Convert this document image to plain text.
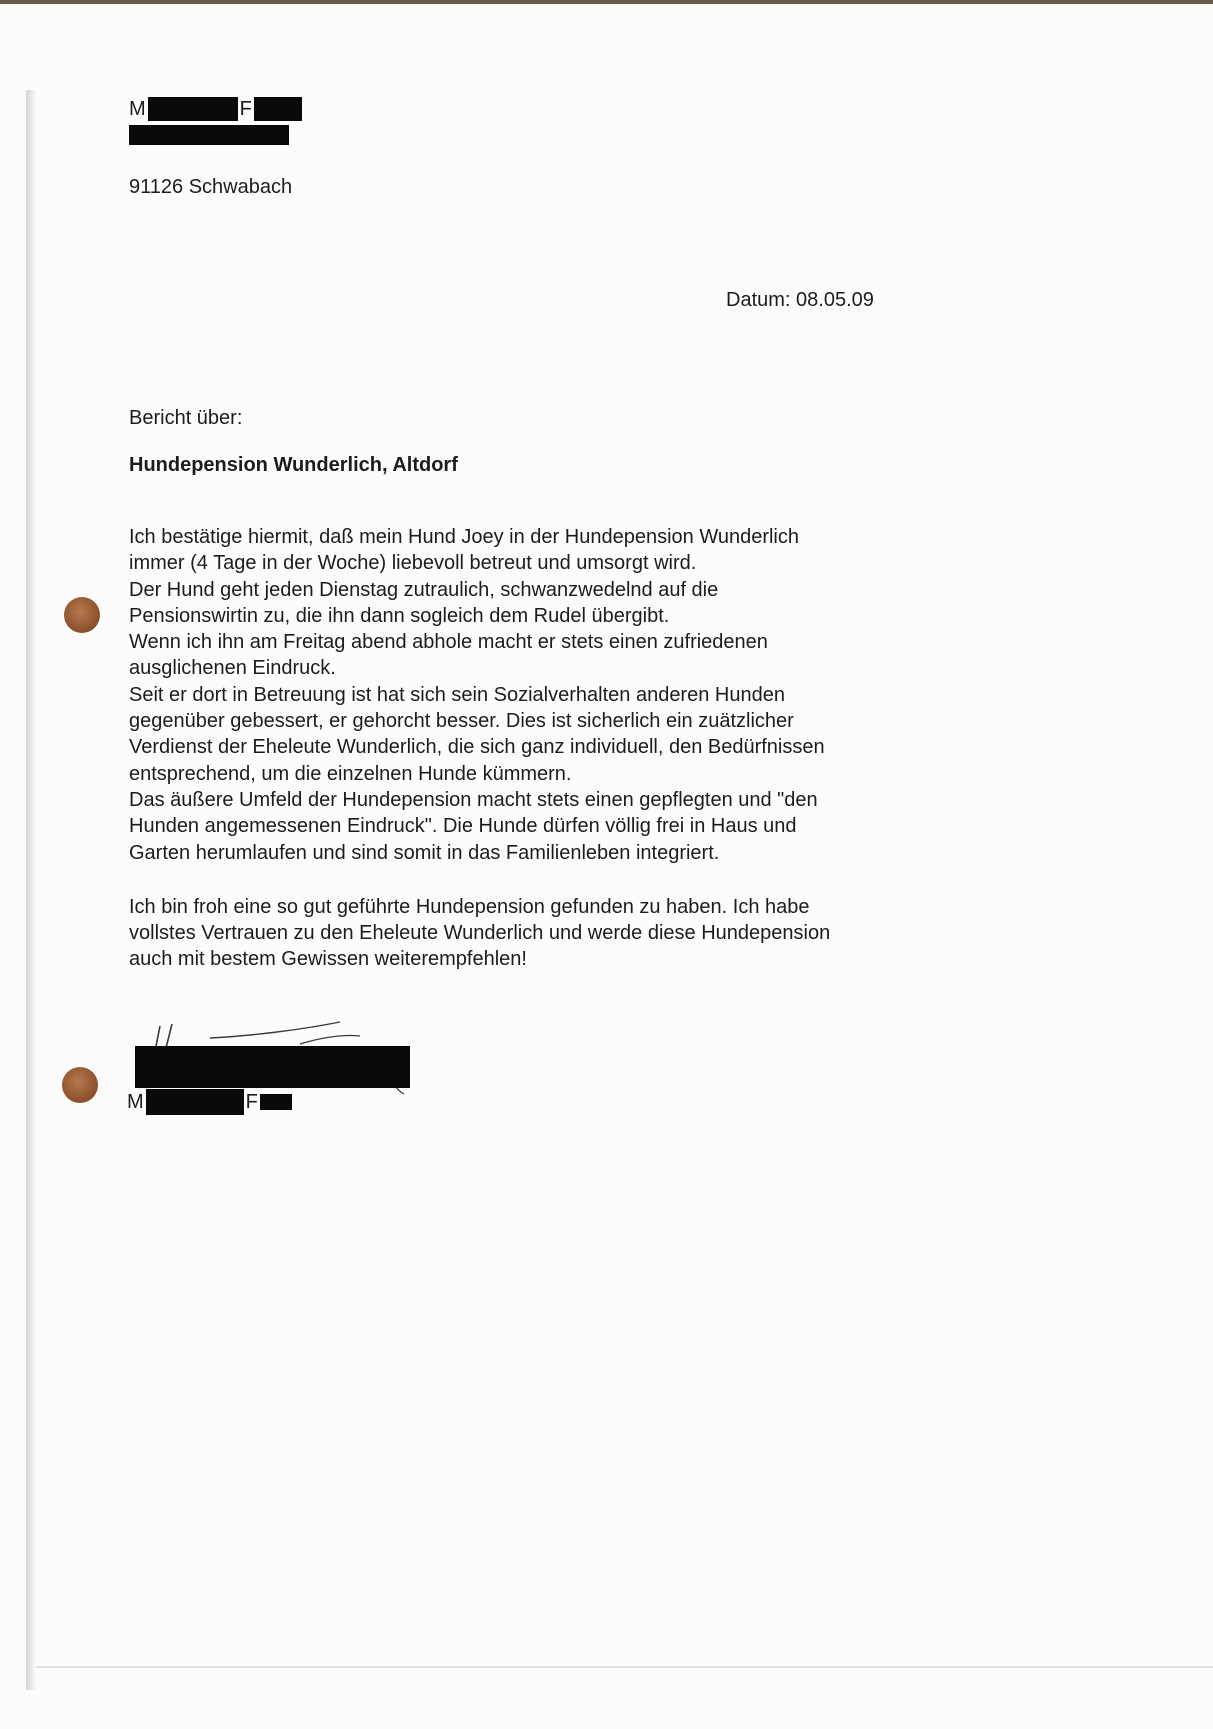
M	F
91126 Schwabach
Datum: 08.05.09
Bericht über:
Hundepension Wunderlich, Altdorf

Ich bestätige hiermit, daß mein Hund Joey in der Hundepension Wunderlich

immer (4 Tage in der Woche) liebevoll betreut und umsorgt wird.

Der Hund geht jeden Dienstag zutraulich, schwanzwedelnd auf die

Pensionswirtin zu, die ihn dann sogleich dem Rudel übergibt.

Wenn ich ihn am Freitag abend abhole macht er stets einen zufriedenen

ausglichenen Eindruck.

Seit er dort in Betreuung ist hat sich sein Sozialverhalten anderen Hunden

gegenüber gebessert, er gehorcht besser. Dies ist sicherlich ein zuätzlicher

Verdienst der Eheleute Wunderlich, die sich ganz individuell, den Bedürfnissen

entsprechend, um die einzelnen Hunde kümmern.

Das äußere Umfeld der Hundepension macht stets einen gepflegten und "den

Hunden angemessenen Eindruck". Die Hunde dürfen völlig frei in Haus und

Garten herumlaufen und sind somit in das Familienleben integriert.

Ich bin froh eine so gut geführte Hundepension gefunden zu haben. Ich habe

vollstes Vertrauen zu den Eheleute Wunderlich und werde diese Hundepension

auch mit bestem Gewissen weiterempfehlen!

M	F
